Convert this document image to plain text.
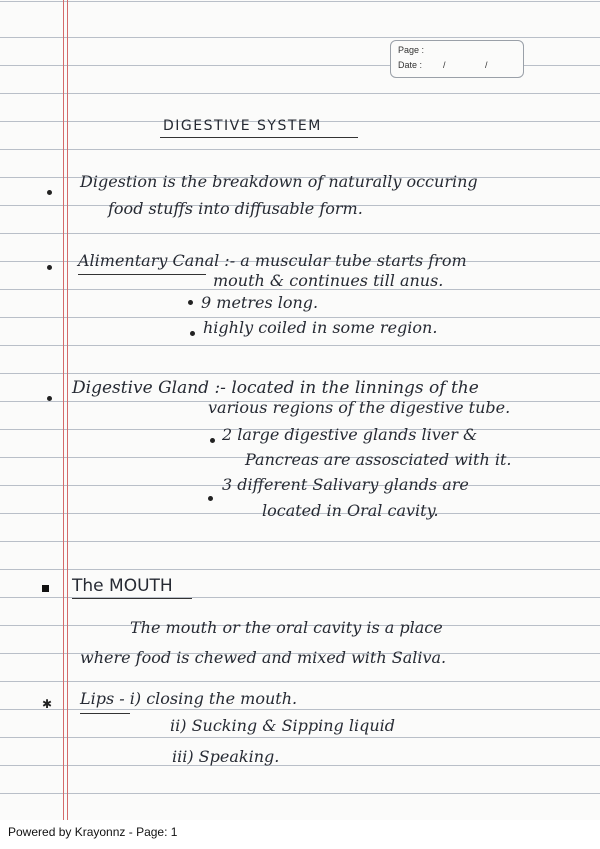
Page :
Date : /	/
DIGESTIVE SYSTEM
Digestion is the breakdown of naturally occuring
food stuffs into diffusable form.
Alimentary Canal :- a muscular tube starts from
mouth & continues till anus.
9 metres long.
highly coiled in some region.
Digestive Gland :- located in the linnings of the
various regions of the digestive tube.
2 large digestive glands liver &
Pancreas are assosciated with it.
3 different Salivary glands are
located in Oral cavity.
The MOUTH
The mouth or the oral cavity is a place
where food is chewed and mixed with Saliva.
✱ Lips - i) closing the mouth.
ii) Sucking & Sipping liquid
iii) Speaking.
Powered by Krayonnz - Page: 1
